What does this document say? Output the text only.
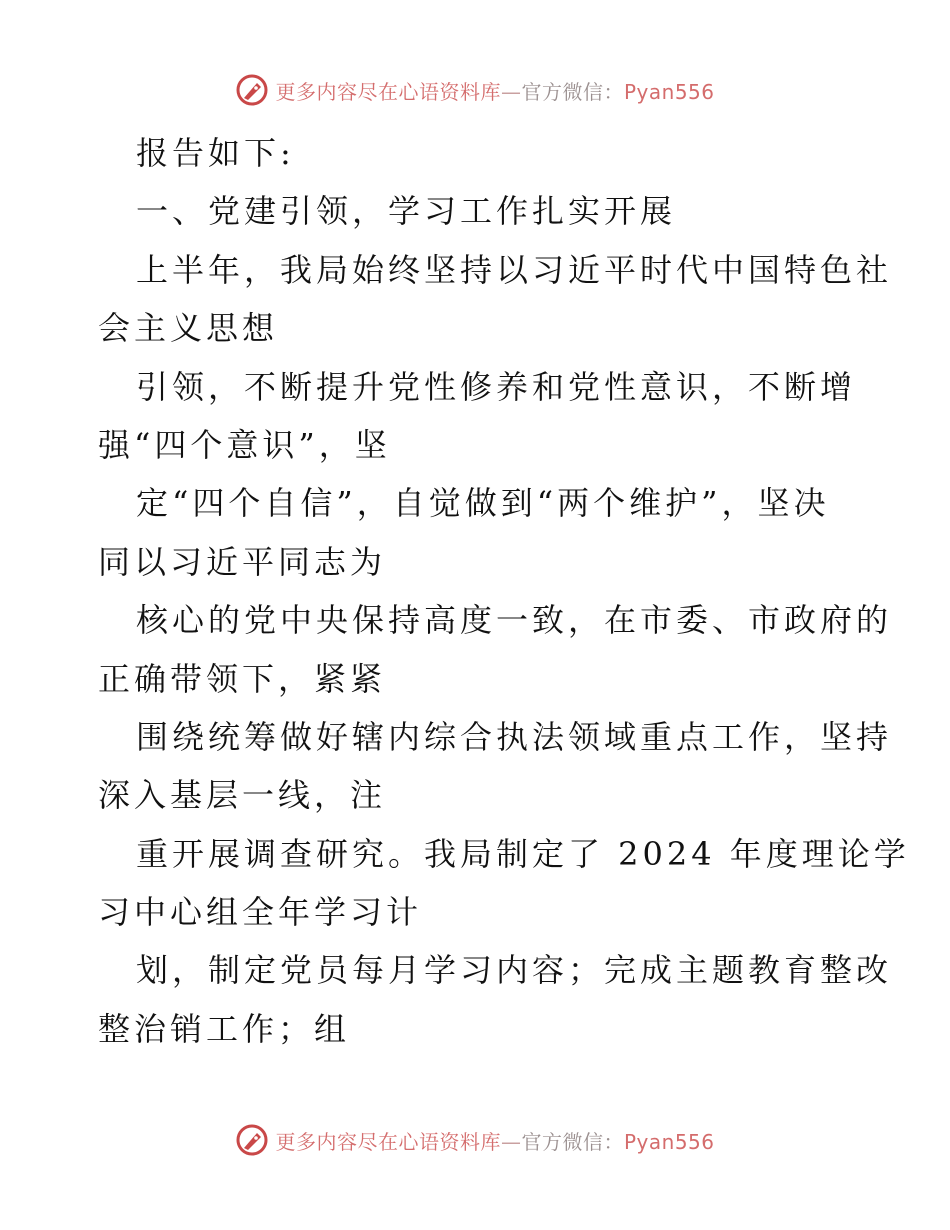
更多内容尽在心语资料库—官方微信：Pyan556
报告如下:
一、党建引领，学习工作扎实开展
上半年，我局始终坚持以习近平时代中国特色社
会主义思想
引领，不断提升党性修养和党性意识，不断增
强“四个意识”，坚
定“四个自信”，自觉做到“两个维护”，坚决
同以习近平同志为
核心的党中央保持高度一致，在市委、市政府的
正确带领下，紧紧
围绕统筹做好辖内综合执法领域重点工作，坚持
深入基层一线，注
重开展调查研究。我局制定了 2024 年度理论学
习中心组全年学习计
划，制定党员每月学习内容；完成主题教育整改
整治销工作；组
更多内容尽在心语资料库—官方微信：Pyan556
